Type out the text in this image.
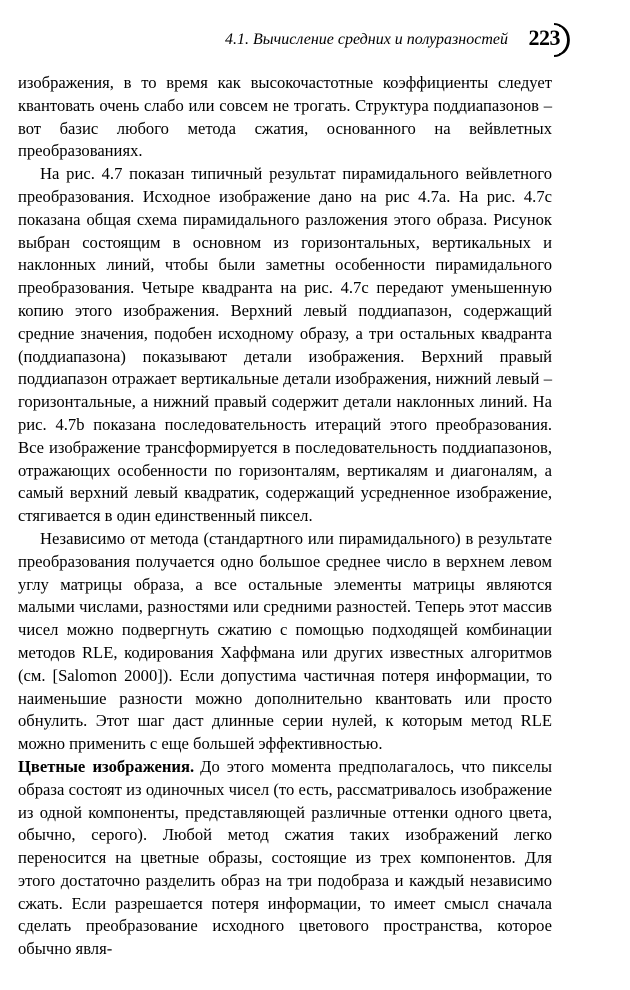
4.1. Вычисление средних и полуразностей 223

изображения, в то время как высокочастотные коэффициенты следует квантовать очень слабо или совсем не трогать. Структура поддиапазонов – вот базис любого метода сжатия, основанного на вейвлетных преобразованиях.

На рис. 4.7 показан типичный результат пирамидального вейвлетного преобразования. Исходное изображение дано на рис 4.7a. На рис. 4.7c показана общая схема пирамидального разложения этого образа. Рисунок выбран состоящим в основном из горизонтальных, вертикальных и наклонных линий, чтобы были заметны особенности пирамидального преобразования. Четыре квадранта на рис. 4.7c передают уменьшенную копию этого изображения. Верхний левый поддиапазон, содержащий средние значения, подобен исходному образу, а три остальных квадранта (поддиапазона) показывают детали изображения. Верхний правый поддиапазон отражает вертикальные детали изображения, нижний левый – горизонтальные, а нижний правый содержит детали наклонных линий. На рис. 4.7b показана последовательность итераций этого преобразования. Все изображение трансформируется в последовательность поддиапазонов, отражающих особенности по горизонталям, вертикалям и диагоналям, а самый верхний левый квадратик, содержащий усредненное изображение, стягивается в один единственный пиксел.

Независимо от метода (стандартного или пирамидального) в результате преобразования получается одно большое среднее число в верхнем левом углу матрицы образа, а все остальные элементы матрицы являются малыми числами, разностями или средними разностей. Теперь этот массив чисел можно подвергнуть сжатию с помощью подходящей комбинации методов RLE, кодирования Хаффмана или других известных алгоритмов (см. [Salomon 2000]). Если допустима частичная потеря информации, то наименьшие разности можно дополнительно квантовать или просто обнулить. Этот шаг даст длинные серии нулей, к которым метод RLE можно применить с еще большей эффективностью.

Цветные изображения. До этого момента предполагалось, что пикселы образа состоят из одиночных чисел (то есть, рассматривалось изображение из одной компоненты, представляющей различные оттенки одного цвета, обычно, серого). Любой метод сжатия таких изображений легко переносится на цветные образы, состоящие из трех компонентов. Для этого достаточно разделить образ на три подобраза и каждый независимо сжать. Если разрешается потеря информации, то имеет смысл сначала сделать преобразование исходного цветового пространства, которое обычно явля-
